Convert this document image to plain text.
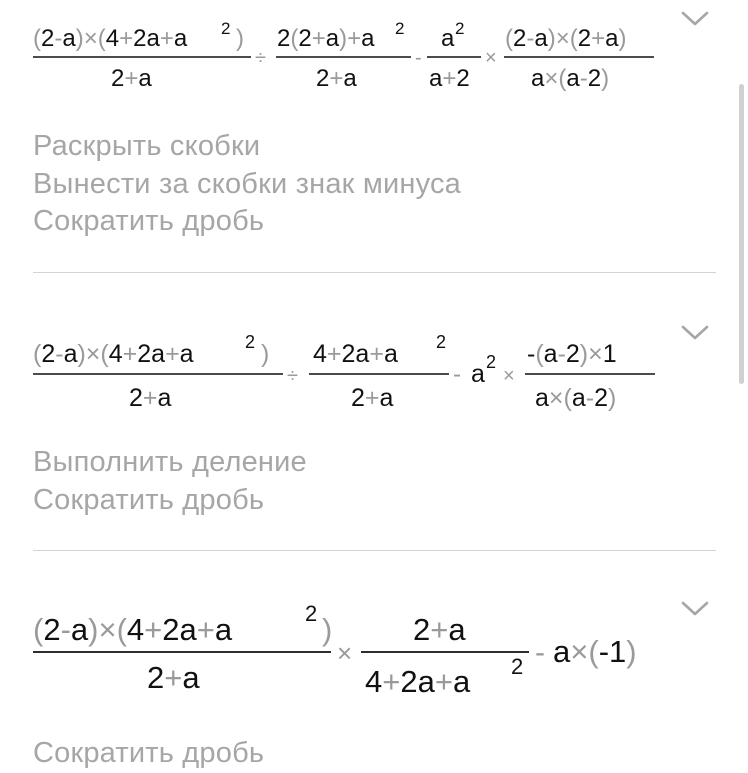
(2-a)×(4+2a+a 2 )
2+a
÷
2(2+a)+a 2
2+a
-
a 2
a+2
×
(2-a)×(2+a)
a×(a-2)
Раскрыть скобки
Вынести за скобки знак минуса
Сократить дробь
(2-a)×(4+2a+a	2 )
2+a
÷
4+2a+a 2
2+a
- a 2
×
-(a-2)×1
a×(a-2)
Выполнить деление
Сократить дробь
(2-a)×(4+2a+a	2 )
2+a
×
2+a
4+2a+a 2 - a×(-1)
Сократить дробь
